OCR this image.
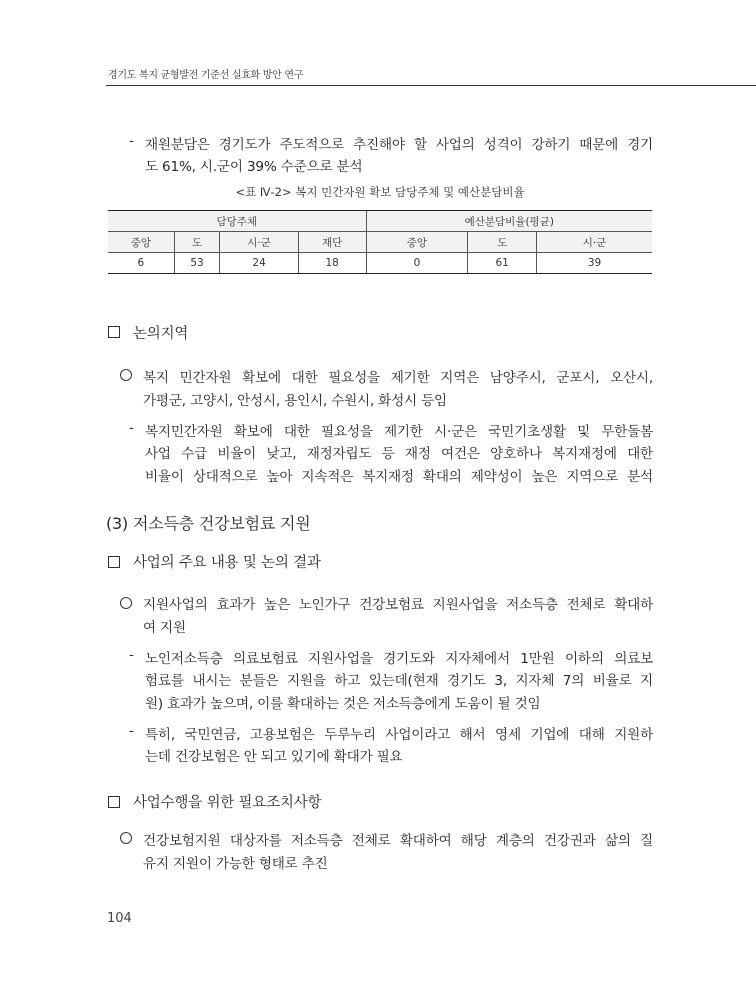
경기도 복지 균형발전 기준선 실효화 방안 연구
- 재원분담은 경기도가 주도적으로 추진해야 할 사업의 성격이 강하기 때문에 경기
도 61%, 시.군이 39% 수준으로 분석
<표 Ⅳ-2> 복지 민간자원 확보 담당주체 및 예산분담비율
담당주체				예산분담비율(평균)		
중앙	도	시·군	재단	중앙	도	시·군
6	53	24	18	0	61	39
논의지역
복지 민간자원 확보에 대한 필요성을 제기한 지역은 남양주시, 군포시, 오산시,
가평군, 고양시, 안성시, 용인시, 수원시, 화성시 등임
- 복지민간자원 확보에 대한 필요성을 제기한 시·군은 국민기초생활 및 무한돌봄
사업 수급 비율이 낮고, 재정자립도 등 재정 여건은 양호하나 복지재정에 대한
비율이 상대적으로 높아 지속적은 복지재정 확대의 제약성이 높은 지역으로 분석
(3) 저소득층 건강보험료 지원
사업의 주요 내용 및 논의 결과
지원사업의 효과가 높은 노인가구 건강보험료 지원사업을 저소득층 전체로 확대하
여 지원
- 노인저소득층 의료보험료 지원사업을 경기도와 지자체에서 1만원 이하의 의료보
험료를 내시는 분들은 지원을 하고 있는데(현재 경기도 3, 지자체 7의 비율로 지
원) 효과가 높으며, 이를 확대하는 것은 저소득층에게 도움이 될 것임
- 특히, 국민연금, 고용보험은 두루누리 사업이라고 해서 영세 기업에 대해 지원하
는데 건강보험은 안 되고 있기에 확대가 필요
사업수행을 위한 필요조치사항
건강보험지원 대상자를 저소득층 전체로 확대하여 해당 계층의 건강권과 삶의 질
유지 지원이 가능한 형태로 추진
104
